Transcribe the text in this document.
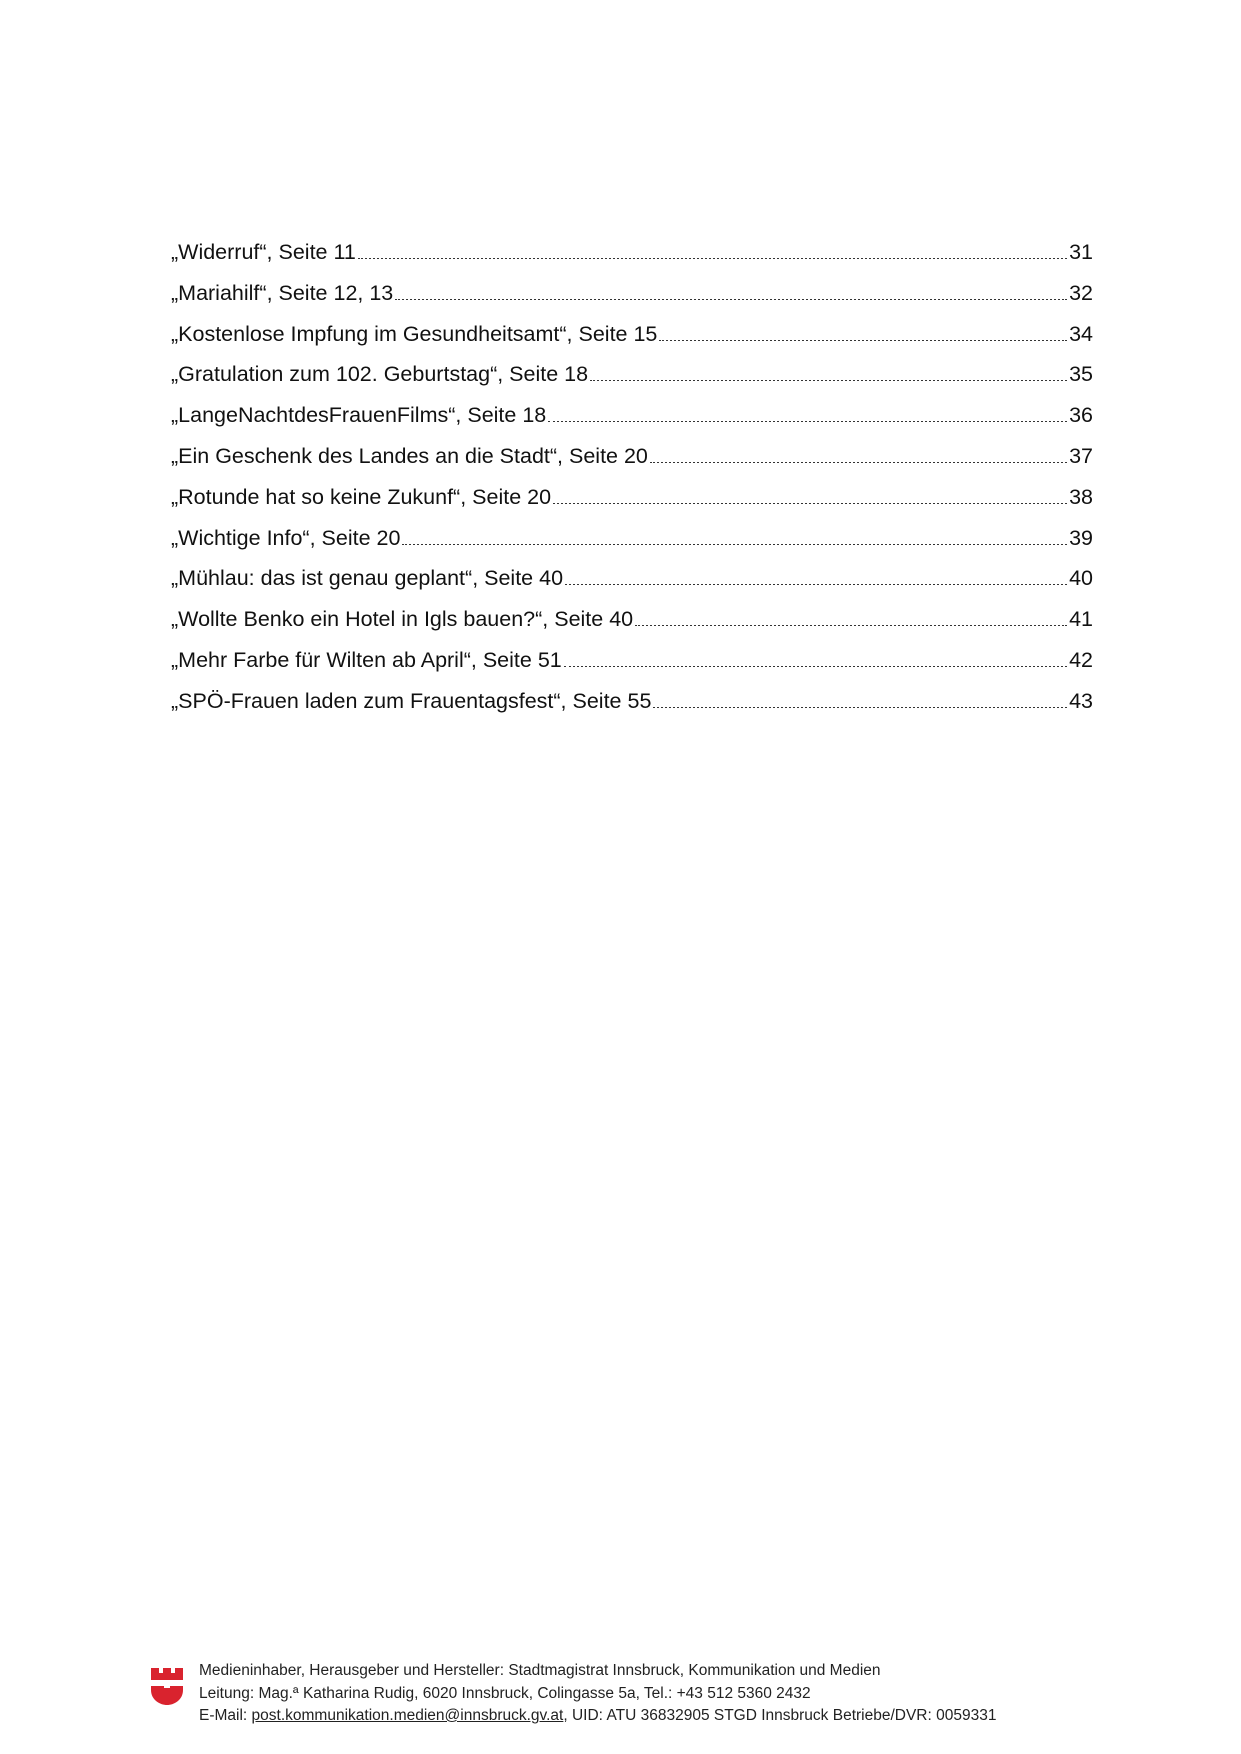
„Widerruf“, Seite 11	31
„Mariahilf“, Seite 12, 13	32
„Kostenlose Impfung im Gesundheitsamt“, Seite 15	34
„Gratulation zum 102. Geburtstag“, Seite 18	35
„LangeNachtdesFrauenFilms“, Seite 18	36
„Ein Geschenk des Landes an die Stadt“, Seite 20	37
„Rotunde hat so keine Zukunf“, Seite 20	38
„Wichtige Info“, Seite 20	39
„Mühlau: das ist genau geplant“, Seite 40	40
„Wollte Benko ein Hotel in Igls bauen?“, Seite 40	41
„Mehr Farbe für Wilten ab April“, Seite 51	42
„SPÖ-Frauen laden zum Frauentagsfest“, Seite 55	43
Medieninhaber, Herausgeber und Hersteller: Stadtmagistrat Innsbruck, Kommunikation und Medien
Leitung: Mag.ª Katharina Rudig, 6020 Innsbruck, Colingasse 5a, Tel.: +43 512 5360 2432
E-Mail: post.kommunikation.medien@innsbruck.gv.at, UID: ATU 36832905 STGD Innsbruck Betriebe/DVR: 0059331
